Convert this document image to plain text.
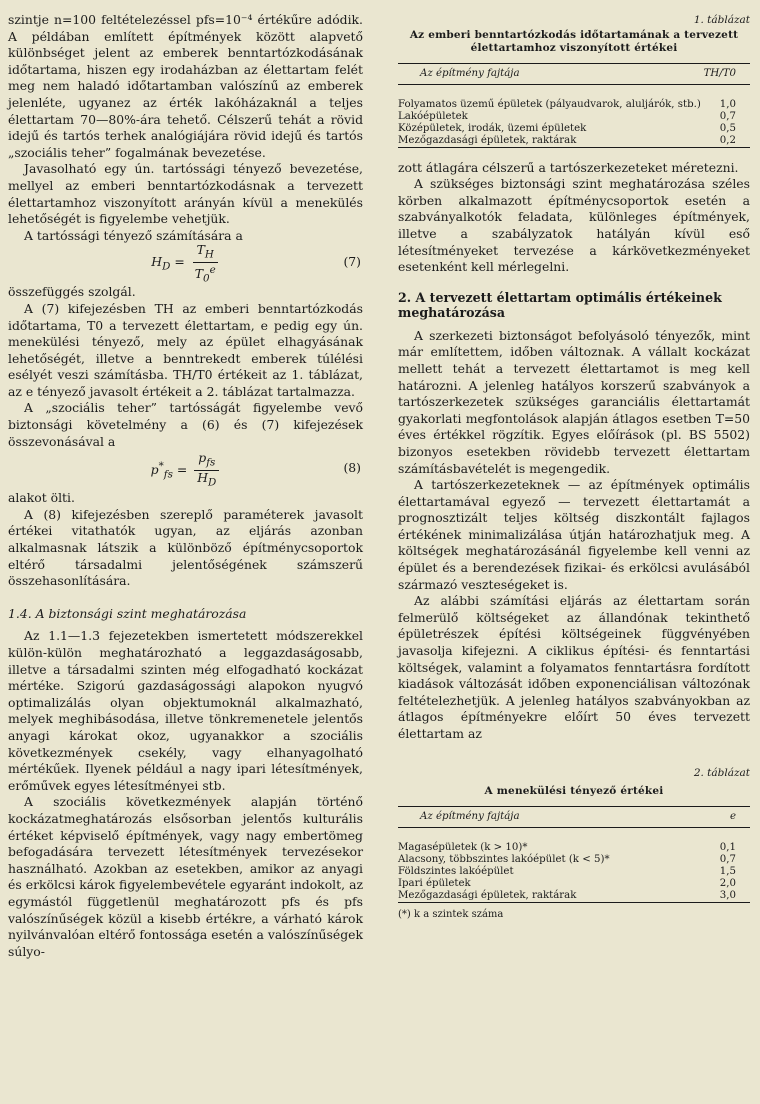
szintje n=100 feltételezéssel pfs=10⁻⁴ értékűre adódik. A példában említett építmények között alapvető különbséget jelent az emberek benntartózkodásának időtartama, hiszen egy irodaházban az élettartam felét meg nem haladó időtartamban valószínű az emberek jelenléte, ugyanez az érték lakóházaknál a teljes élettartam 70—80%-ára tehető. Célszerű tehát a rövid idejű és tartós terhek analógiájára rövid idejű és tartós „szociális teher” fogalmának bevezetése.

Javasolható egy ún. tartóssági tényező bevezetése, mellyel az emberi benntartózkodásnak a tervezett élettartamhoz viszonyított arányán kívül a menekülés lehetőségét is figyelembe vehetjük.

A tartóssági tényező számítására a

$H_D = \frac{T_H}{T_0^e}$	(7)

összefüggés szolgál.

A (7) kifejezésben TH az emberi benntartózkodás időtartama, T0 a tervezett élettartam, e pedig egy ún. menekülési tényező, mely az épület elhagyásának lehetőségét, illetve a benntrekedt emberek túlélési esélyét veszi számításba. TH/T0 értékeit az 1. táblázat, az e tényező javasolt értékeit a 2. táblázat tartalmazza.

A „szociális teher” tartósságát figyelembe vevő biztonsági követelmény a (6) és (7) kifejezések összevonásával a

$p^*_{fs} = \frac{p_{fs}}{H_D}$	(8)

alakot ölti.

A (8) kifejezésben szereplő paraméterek javasolt értékei vitathatók ugyan, az eljárás azonban alkalmasnak látszik a különböző építménycsoportok eltérő társadalmi jelentőségének számszerű összehasonlítására.

1.4. A biztonsági szint meghatározása

Az 1.1—1.3 fejezetekben ismertetett módszerekkel külön-külön meghatározható a leggazdaságosabb, illetve a társadalmi szinten még elfogadható kockázat mértéke. Szigorú gazdaságossági alapokon nyugvó optimalizálás olyan objektumoknál alkalmazható, melyek meghibásodása, illetve tönkremenetele jelentős anyagi károkat okoz, ugyanakkor a szociális következmények csekély, vagy elhanyagolható mértékűek. Ilyenek például a nagy ipari létesítmények, erőművek egyes létesítményei stb.

A szociális következmények alapján történő kockázatmeghatározás elsősorban jelentős kulturális értéket képviselő építmények, vagy nagy embertömeg befogadására tervezett létesítmények tervezésekor használható. Azokban az esetekben, amikor az anyagi és erkölcsi károk figyelembevétele egyaránt indokolt, az egymástól függetlenül meghatározott pfs és pfs valószínűségek közül a kisebb értékre, a várható károk nyilvánvalóan eltérő fontossága esetén a valószínűségek súlyo-

1. táblázat

Az emberi benntartózkodás időtartamának a tervezett élettartamhoz viszonyított értékei

Az építmény fajtája	TH/T0

Folyamatos üzemű épületek (pályaudvarok, aluljárók, stb.)	1,0
Lakóépületek	0,7
Középületek, irodák, üzemi épületek	0,5
Mezőgazdasági épületek, raktárak	0,2

zott átlagára célszerű a tartószerkezeteket méretezni.

A szükséges biztonsági szint meghatározása széles körben alkalmazott építménycsoportok esetén a szabványalkotók feladata, különleges építmények, illetve a szabályzatok hatályán kívül eső létesítményeket tervezése a kárkövetkezményeket esetenként kell mérlegelni.

2. A tervezett élettartam optimális értékeinek meghatározása

A szerkezeti biztonságot befolyásoló tényezők, mint már említettem, időben változnak. A vállalt kockázat mellett tehát a tervezett élettartamot is meg kell határozni. A jelenleg hatályos korszerű szabványok a tartószerkezetek szükséges garanciális élettartamát gyakorlati megfontolások alapján átlagos esetben T=50 éves értékkel rögzítik. Egyes előírások (pl. BS 5502) bizonyos esetekben rövidebb tervezett élettartam számításbavételét is megengedik.

A tartószerkezeteknek — az építmények optimális élettartamával egyező — tervezett élettartamát a prognosztizált teljes költség diszkontált fajlagos értékének minimalizálása útján határozhatjuk meg. A költségek meghatározásánál figyelembe kell venni az épület és a berendezések fizikai- és erkölcsi avulásából származó veszteségeket is.

Az alábbi számítási eljárás az élettartam során felmerülő költségeket az állandónak tekinthető épületrészek építési költségeinek függvényében javasolja kifejezni. A ciklikus építési- és fenntartási költségek, valamint a folyamatos fenntartásra fordított kiadások változását időben exponenciálisan változónak feltételezhetjük. A jelenleg hatályos szabványokban az átlagos építményekre előírt 50 éves tervezett élettartam az

2. táblázat

A menekülési tényező értékei

Az építmény fajtája	e

Magasépületek (k > 10)*	0,1
Alacsony, többszintes lakóépület (k < 5)*	0,7
Földszintes lakóépület	1,5
Ipari épületek	2,0
Mezőgazdasági épületek, raktárak	3,0

(*) k a szintek száma
